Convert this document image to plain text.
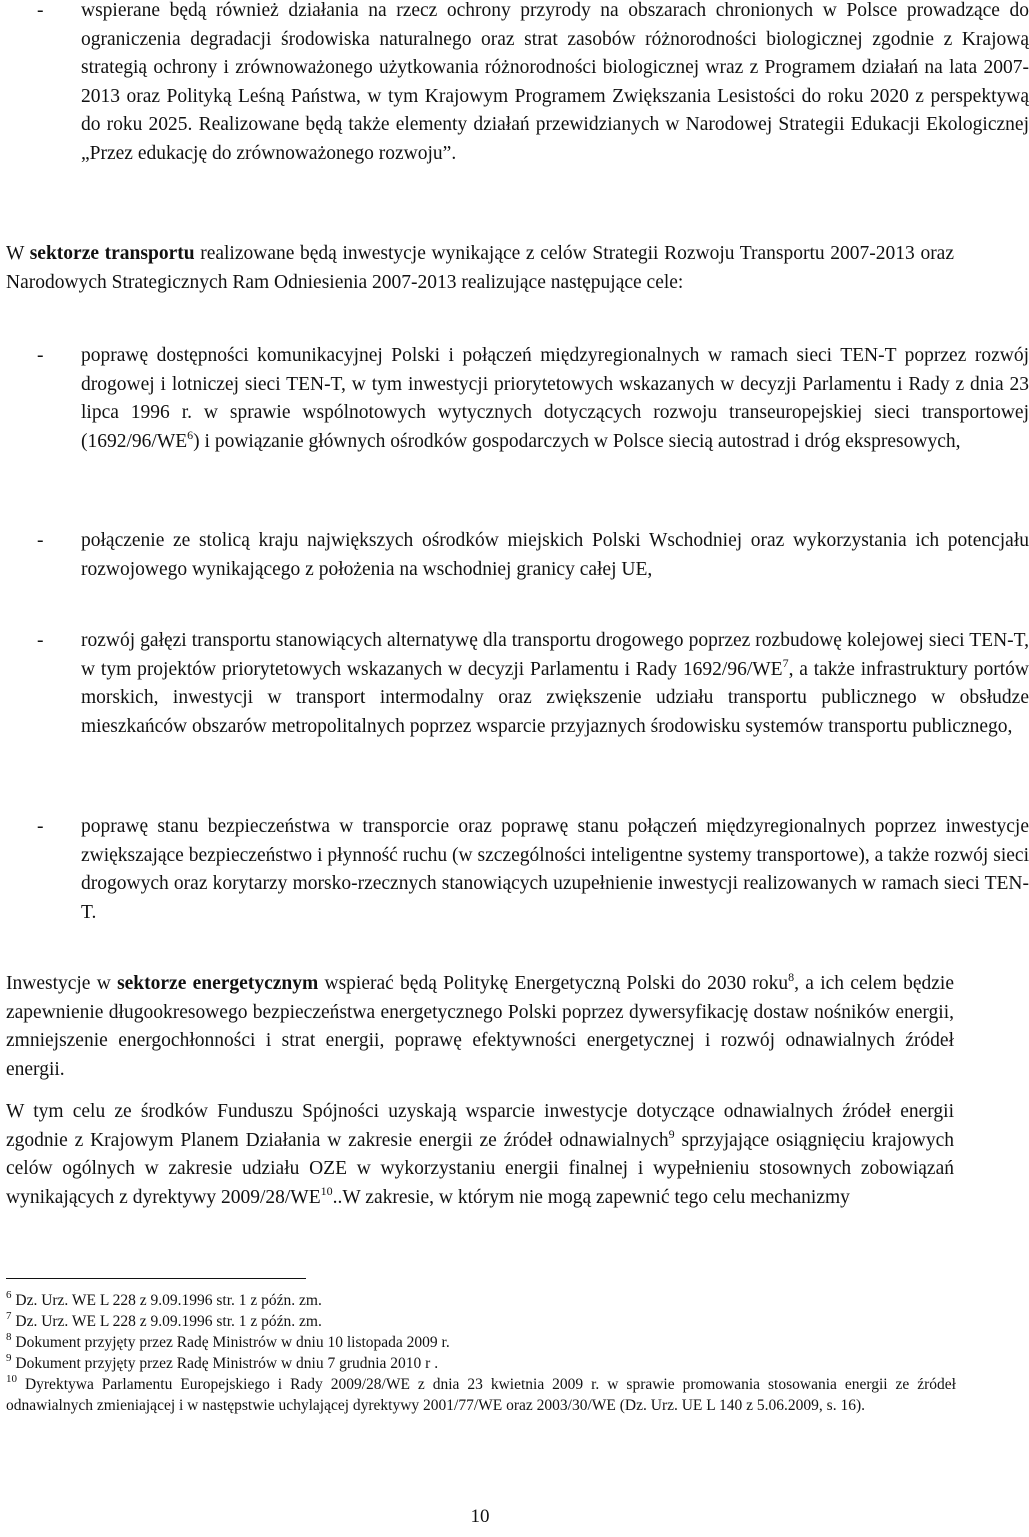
- wspierane będą również działania na rzecz ochrony przyrody na obszarach chronionych w Polsce prowadzące do ograniczenia degradacji środowiska naturalnego oraz strat zasobów różnorodności biologicznej zgodnie z Krajową strategią ochrony i zrównoważonego użytkowania różnorodności biologicznej wraz z Programem działań na lata 2007-2013 oraz Polityką Leśną Państwa, w tym Krajowym Programem Zwiększania Lesistości do roku 2020 z perspektywą do roku 2025. Realizowane będą także elementy działań przewidzianych w Narodowej Strategii Edukacji Ekologicznej „Przez edukację do zrównoważonego rozwoju”.

W sektorze transportu realizowane będą inwestycje wynikające z celów Strategii Rozwoju Transportu 2007-2013 oraz Narodowych Strategicznych Ram Odniesienia 2007-2013 realizujące następujące cele:

- poprawę dostępności komunikacyjnej Polski i połączeń międzyregionalnych w ramach sieci TEN-T poprzez rozwój drogowej i lotniczej sieci TEN-T, w tym inwestycji priorytetowych wskazanych w decyzji Parlamentu i Rady z dnia 23 lipca 1996 r. w sprawie wspólnotowych wytycznych dotyczących rozwoju transeuropejskiej sieci transportowej $(1692/96/WE^6)$ i powiązanie głównych ośrodków gospodarczych w Polsce siecią autostrad i dróg ekspresowych,
- połączenie ze stolicą kraju największych ośrodków miejskich Polski Wschodniej oraz wykorzystania ich potencjału rozwojowego wynikającego z położenia na wschodniej granicy całej UE,
- rozwój gałęzi transportu stanowiących alternatywę dla transportu drogowego poprzez rozbudowę kolejowej sieci TEN-T, w tym projektów priorytetowych wskazanych w decyzji Parlamentu i Rady $1692/96/WE^7$, a także infrastruktury portów morskich, inwestycji w transport intermodalny oraz zwiększenie udziału transportu publicznego w obsłudze mieszkańców obszarów metropolitalnych poprzez wsparcie przyjaznych środowisku systemów transportu publicznego,
- poprawę stanu bezpieczeństwa w transporcie oraz poprawę stanu połączeń międzyregionalnych poprzez inwestycje zwiększające bezpieczeństwo i płynność ruchu (w szczególności inteligentne systemy transportowe), a także rozwój sieci drogowych oraz korytarzy morsko-rzecznych stanowiących uzupełnienie inwestycji realizowanych w ramach sieci TEN-T.

Inwestycje w sektorze energetycznym wspierać będą Politykę Energetyczną Polski do 2030 roku$^8$, a ich celem będzie zapewnienie długookresowego bezpieczeństwa energetycznego Polski poprzez dywersyfikację dostaw nośników energii, zmniejszenie energochłonności i strat energii, poprawę efektywności energetycznej i rozwój odnawialnych źródeł energii.

W tym celu ze środków Funduszu Spójności uzyskają wsparcie inwestycje dotyczące odnawialnych źródeł energii zgodnie z Krajowym Planem Działania w zakresie energii ze źródeł odnawialnych$^9$ sprzyjające osiągnięciu krajowych celów ogólnych w zakresie udziału OZE w wykorzystaniu energii finalnej i wypełnieniu stosownych zobowiązań wynikających z dyrektywy 2009/28/WE$^{10}$..W zakresie, w którym nie mogą zapewnić tego celu mechanizmy

$^6$ Dz. Urz. WE L 228 z 9.09.1996 str. 1 z późn. zm.

$^7$ Dz. Urz. WE L 228 z 9.09.1996 str. 1 z późn. zm.

$^8$ Dokument przyjęty przez Radę Ministrów w dniu 10 listopada 2009 r.

$^9$ Dokument przyjęty przez Radę Ministrów w dniu 7 grudnia 2010 r .

$^{10}$ Dyrektywa Parlamentu Europejskiego i Rady 2009/28/WE z dnia 23 kwietnia 2009 r. w sprawie promowania stosowania energii ze źródeł odnawialnych zmieniającej i w następstwie uchylającej dyrektywy 2001/77/WE oraz 2003/30/WE (Dz. Urz. UE L 140 z 5.06.2009, s. 16).

10
